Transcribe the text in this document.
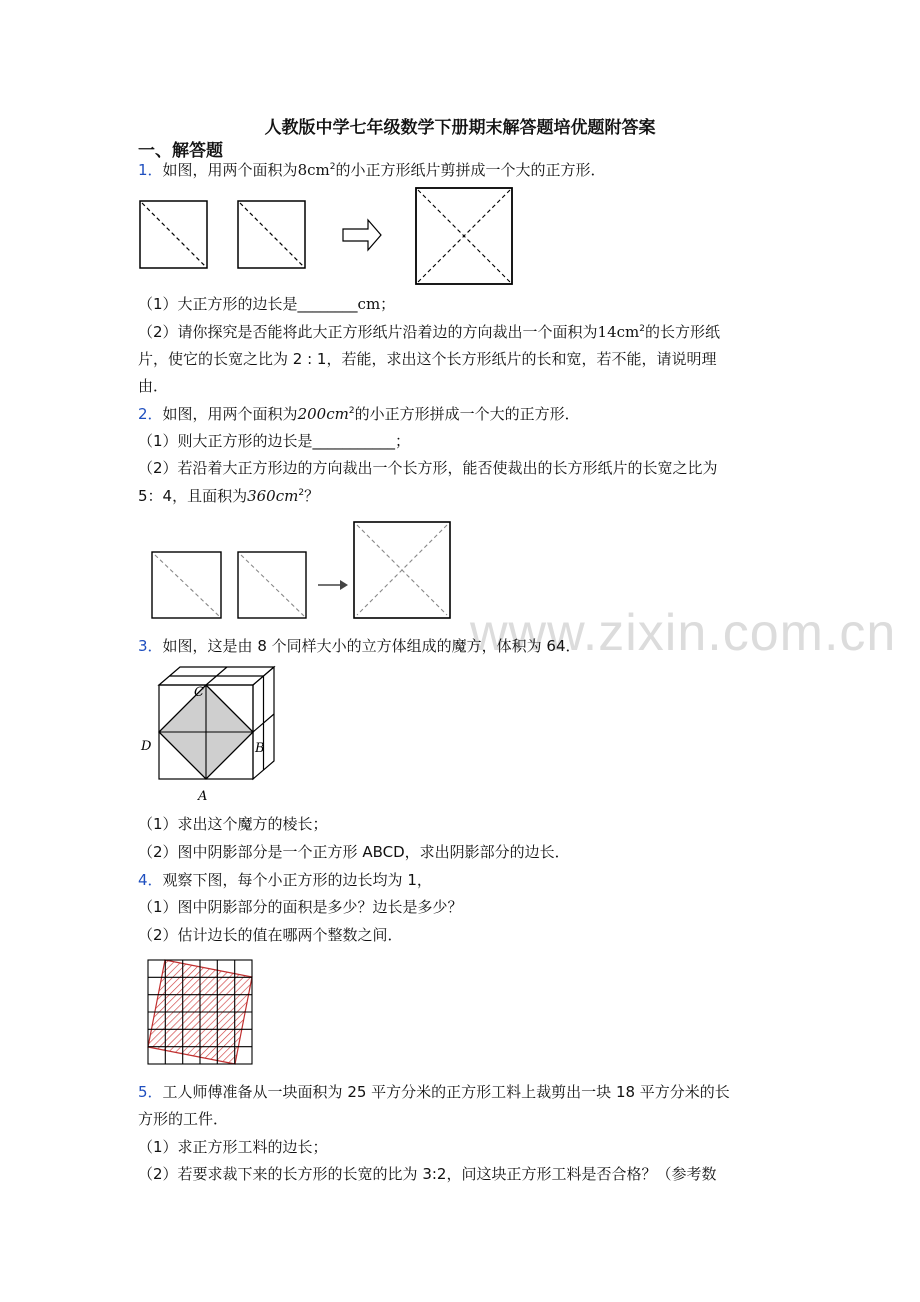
www.zixin.com.cn
人教版中学七年级数学下册期末解答题培优题附答案
一、解答题
1．如图，用两个面积为$8cm^2$的小正方形纸片剪拼成一个大的正方形．
（1）大正方形的边长是________cm；
（2）请你探究是否能将此大正方形纸片沿着边的方向裁出一个面积为$14cm^2$的长方形纸
片，使它的长宽之比为 2 : 1，若能，求出这个长方形纸片的长和宽，若不能，请说明理
由．
2．如图，用两个面积为$200cm^2$的小正方形拼成一个大的正方形．
（1）则大正方形的边长是___________；
（2）若沿着大正方形边的方向裁出一个长方形，能否使裁出的长方形纸片的长宽之比为
5：4，且面积为$360cm^2$？
3．如图，这是由 8 个同样大小的立方体组成的魔方，体积为 64．
C
D	B
A
（1）求出这个魔方的棱长；
（2）图中阴影部分是一个正方形 ABCD，求出阴影部分的边长．
4．观察下图，每个小正方形的边长均为 1，
（1）图中阴影部分的面积是多少？边长是多少？
（2）估计边长的值在哪两个整数之间．
5．工人师傅准备从一块面积为 25 平方分米的正方形工料上裁剪出一块 18 平方分米的长
方形的工件．
（1）求正方形工料的边长；
（2）若要求裁下来的长方形的长宽的比为 3:2，问这块正方形工料是否合格？（参考数
